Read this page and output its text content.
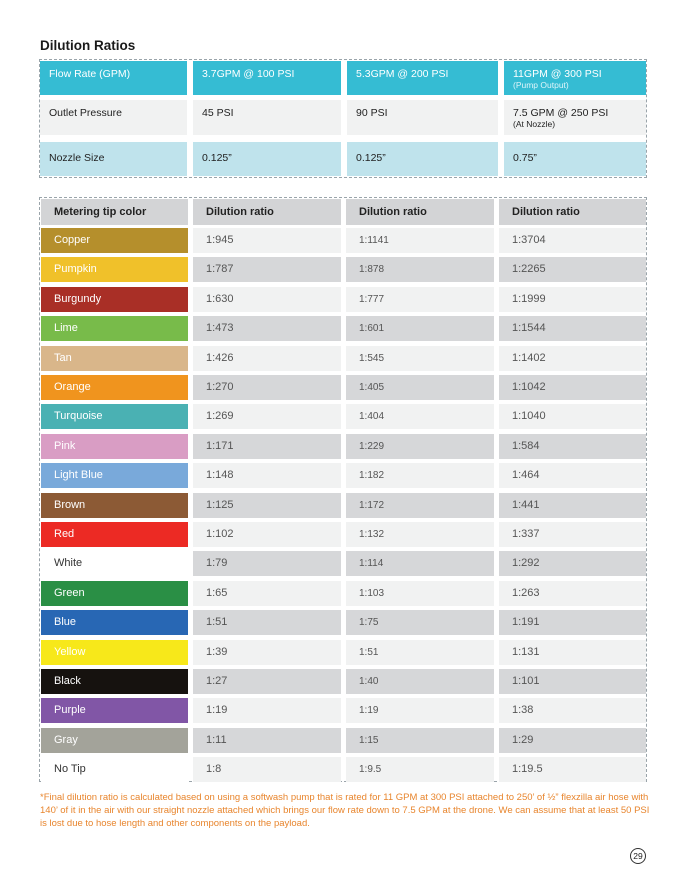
Dilution Ratios
Flow Rate (GPM)	3.7GPM @ 100 PSI	5.3GPM @ 200 PSI	11GPM @ 300 PSI
(Pump Output)
Outlet Pressure	45 PSI	90 PSI	7.5 GPM @ 250 PSI
(At Nozzle)
Nozzle Size	0.125”	0.125”	0.75”
Metering tip color	Dilution ratio	Dilution ratio	Dilution ratio
Copper	1:945	1:1141	1:3704
Pumpkin	1:787	1:878	1:2265
Burgundy	1:630	1:777	1:1999
Lime	1:473	1:601	1:1544
Tan	1:426	1:545	1:1402
Orange	1:270	1:405	1:1042
Turquoise	1:269	1:404	1:1040
Pink	1:171	1:229	1:584
Light Blue	1:148	1:182	1:464
Brown	1:125	1:172	1:441
Red	1:102	1:132	1:337
White	1:79	1:114	1:292
Green	1:65	1:103	1:263
Blue	1:51	1:75	1:191
Yellow	1:39	1:51	1:131
Black	1:27	1:40	1:101
Purple	1:19	1:19	1:38
Gray	1:11	1:15	1:29
No Tip	1:8	1:9.5	1:19.5
*Final dilution ratio is calculated based on using a softwash pump that is rated for 11 GPM at 300 PSI attached to 250’ of ½” flexzilla air hose with 140’ of it in the air with our straight nozzle attached which brings our flow rate down to 7.5 GPM at the drone. We can assume that at least 50 PSI is lost due to hose length and other components on the payload.
29
